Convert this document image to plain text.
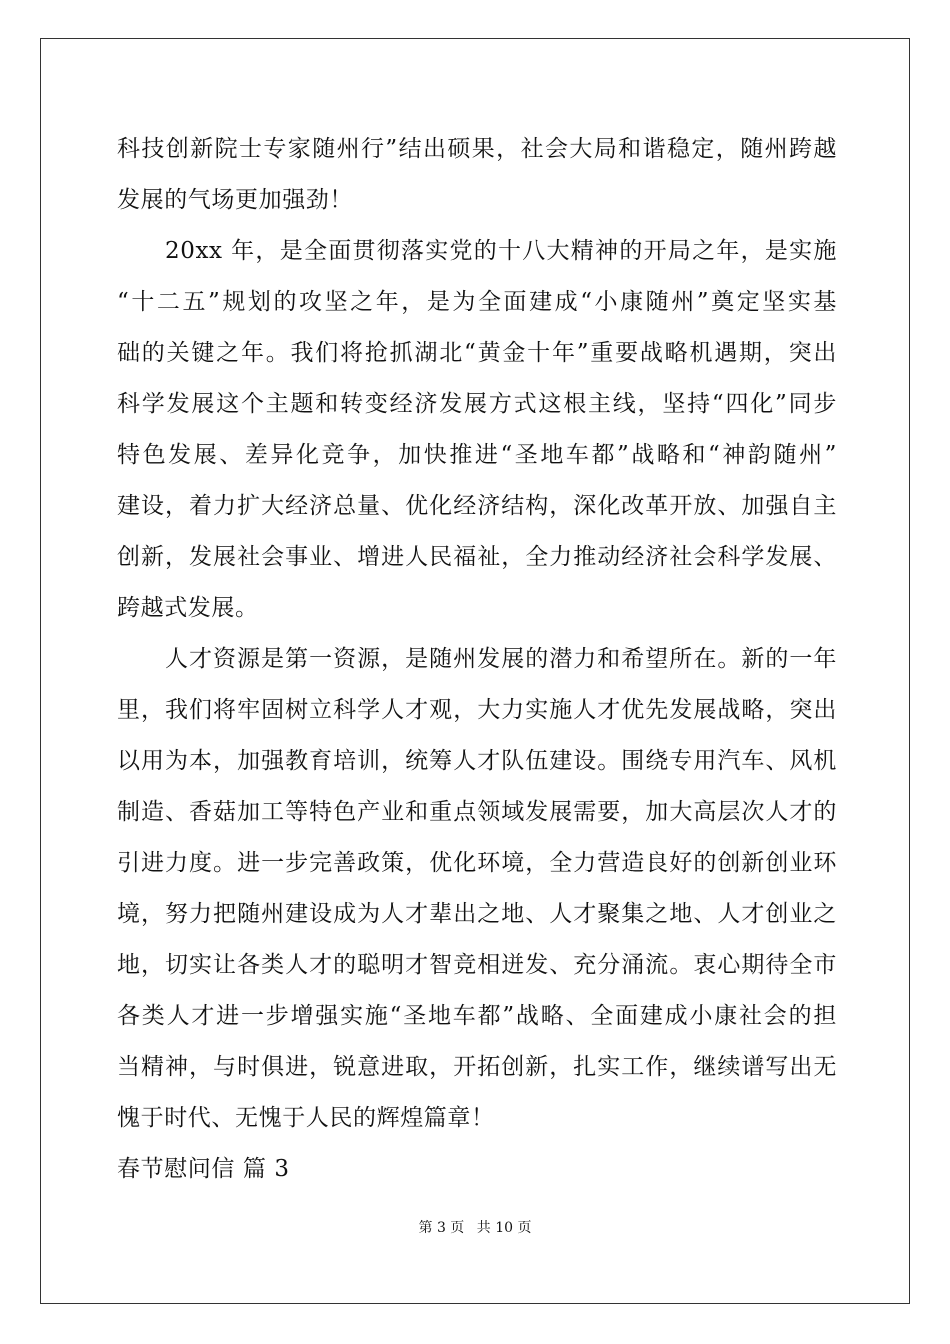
科技创新院士专家随州行”结出硕果，社会大局和谐稳定，随州跨越
发展的气场更加强劲！
20xx 年，是全面贯彻落实党的十八大精神的开局之年，是实施
“十二五”规划的攻坚之年，是为全面建成“小康随州”奠定坚实基
础的关键之年。我们将抢抓湖北“黄金十年”重要战略机遇期，突出
科学发展这个主题和转变经济发展方式这根主线，坚持“四化”同步
特色发展、差异化竞争，加快推进“圣地车都”战略和“神韵随州”
建设，着力扩大经济总量、优化经济结构，深化改革开放、加强自主
创新，发展社会事业、增进人民福祉，全力推动经济社会科学发展、
跨越式发展。
人才资源是第一资源，是随州发展的潜力和希望所在。新的一年
里，我们将牢固树立科学人才观，大力实施人才优先发展战略，突出
以用为本，加强教育培训，统筹人才队伍建设。围绕专用汽车、风机
制造、香菇加工等特色产业和重点领域发展需要，加大高层次人才的
引进力度。进一步完善政策，优化环境，全力营造良好的创新创业环
境，努力把随州建设成为人才辈出之地、人才聚集之地、人才创业之
地，切实让各类人才的聪明才智竞相迸发、充分涌流。衷心期待全市
各类人才进一步增强实施“圣地车都”战略、全面建成小康社会的担
当精神，与时俱进，锐意进取，开拓创新，扎实工作，继续谱写出无
愧于时代、无愧于人民的辉煌篇章！
春节慰问信 篇 3
第 3 页 共 10 页
